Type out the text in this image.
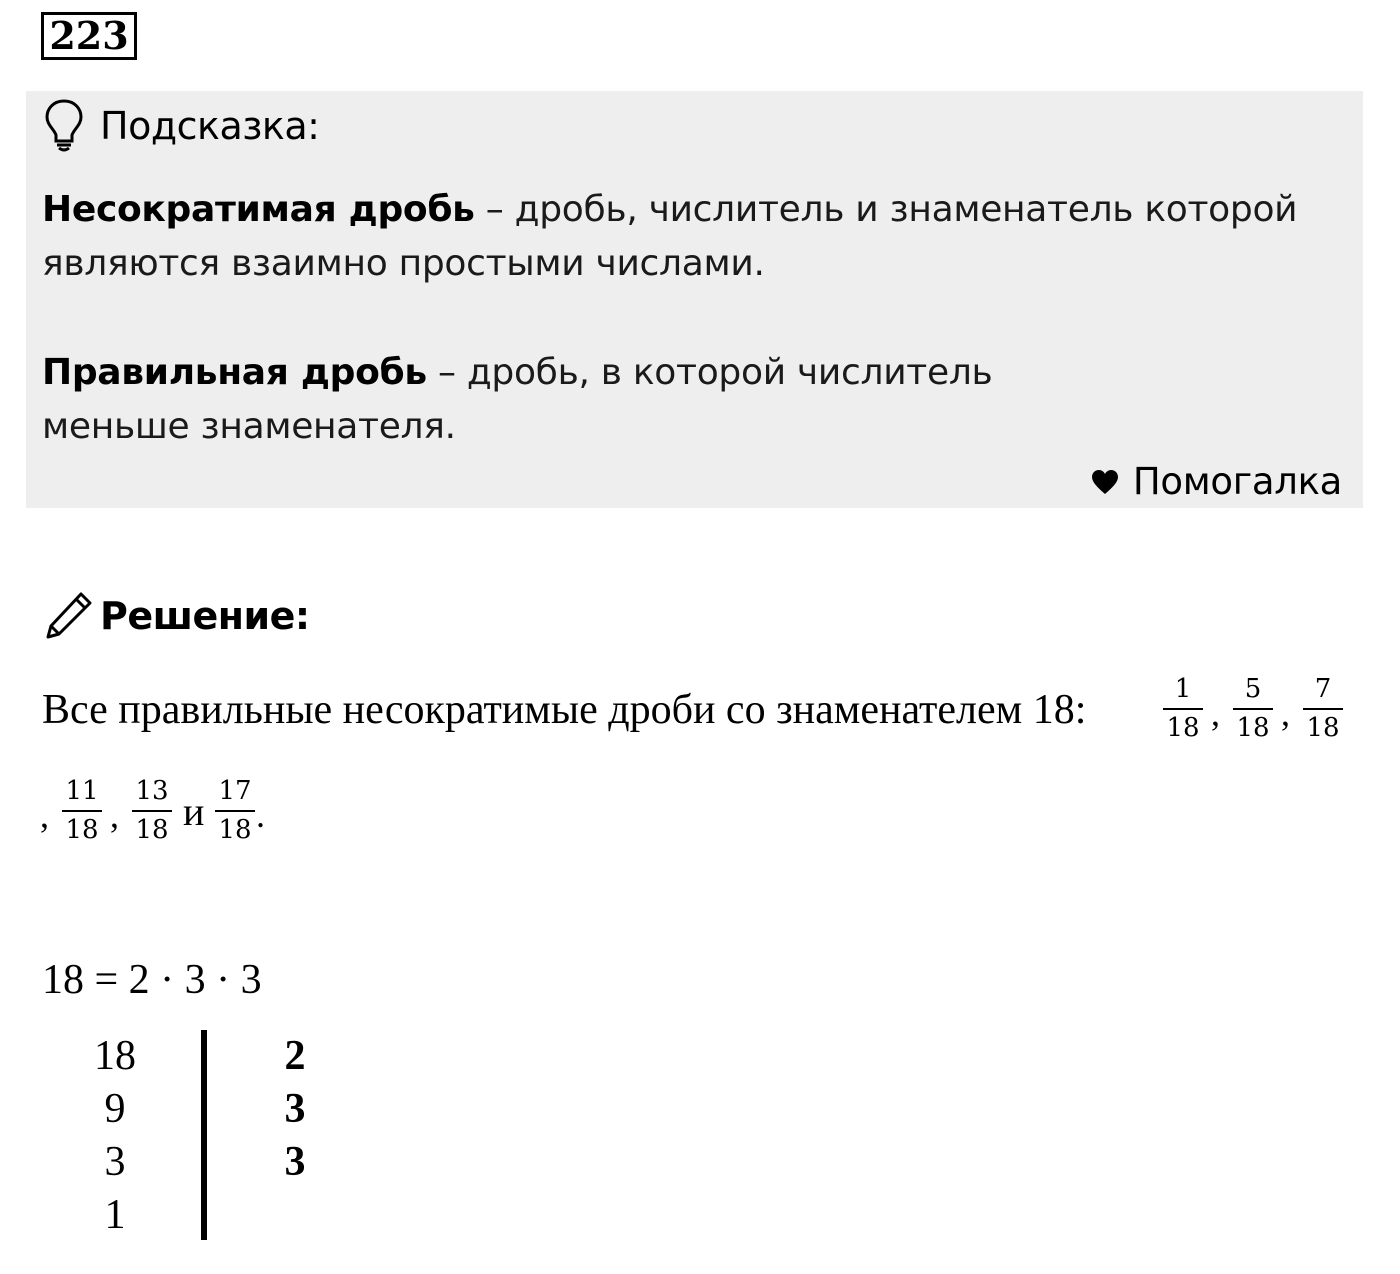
223
Подсказка:
Несократимая дробь – дробь, числитель и знаменатель которой являются взаимно простыми числами.
Правильная дробь – дробь, в которой числитель меньше знаменателя.
Помогалка
Решение:
Все правильные несократимые дроби со знаменателем 18:	1
18 ,
5
18 ,
7
18
,
11
18 ,
13
18 и 17
18 .
18 = 2 · 3 · 3
18
9
3
1
2
3
3
